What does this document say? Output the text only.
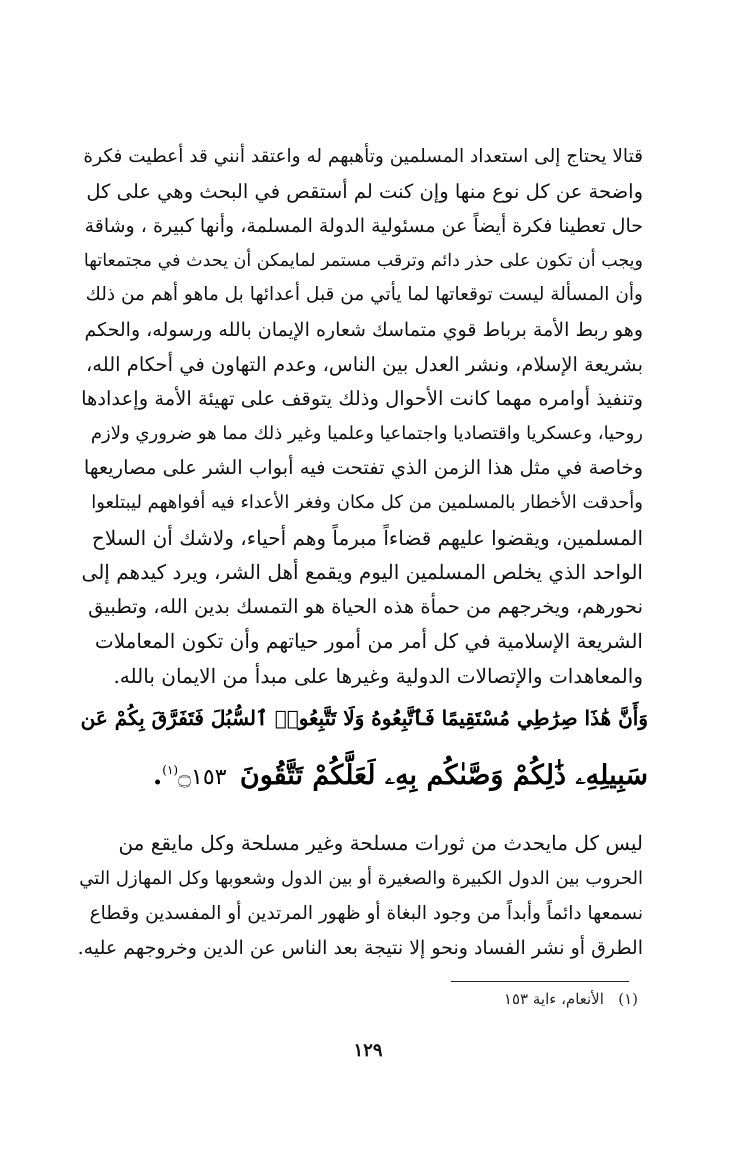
قتالا يحتاج إلى استعداد المسلمين وتأهبهم له واعتقد أنني قد أعطيت فكرة
واضحة عن كل نوع منها وإن كنت لم أستقص في البحث وهي على كل
حال تعطينا فكرة أيضاً عن مسئولية الدولة المسلمة، وأنها كبيرة ، وشاقة
ويجب أن تكون على حذر دائم وترقب مستمر لمايمكن أن يحدث في مجتمعاتها
وأن المسألة ليست توقعاتها لما يأتي من قبل أعدائها بل ماهو أهم من ذلك
وهو ربط الأمة برباط قوي متماسك شعاره الإيمان بالله ورسوله، والحكم
بشريعة الإسلام، ونشر العدل بين الناس، وعدم التهاون في أحكام الله،
وتنفيذ أوامره مهما كانت الأحوال وذلك يتوقف على تهيئة الأمة وإعدادها
روحيا، وعسكريا واقتصاديا واجتماعيا وعلميا وغير ذلك مما هو ضروري ولازم
وخاصة في مثل هذا الزمن الذي تفتحت فيه أبواب الشر على مصاريعها
وأحدقت الأخطار بالمسلمين من كل مكان وفغر الأعداء فيه أفواههم ليبتلعوا
المسلمين، ويقضوا عليهم قضاءاً مبرماً وهم أحياء، ولاشك أن السلاح
الواحد الذي يخلص المسلمين اليوم ويقمع أهل الشر، ويرد كيدهم إلى
نحورهم، ويخرجهم من حمأة هذه الحياة هو التمسك بدين الله، وتطبيق
الشريعة الإسلامية في كل أمر من أمور حياتهم وأن تكون المعاملات
والمعاهدات والإتصالات الدولية وغيرها على مبدأ من الايمان بالله.
وَأَنَّ هَٰذَا صِرَٰطِي مُسْتَقِيمًا فَٱتَّبِعُوهُ وَلَا تَتَّبِعُوا۟ ٱلسُّبُلَ فَتَفَرَّقَ بِكُمْ عَن
سَبِيلِهِۦ ذَٰلِكُمْ وَصَّىٰكُم بِهِۦ لَعَلَّكُمْ تَتَّقُونَ ۝١٥٣$^{(١)}$.
ليس كل مايحدث من ثورات مسلحة وغير مسلحة وكل مايقع من
الحروب بين الدول الكبيرة والصغيرة أو بين الدول وشعوبها وكل المهازل التي
نسمعها دائماً وأبداً من وجود البغاة أو ظهور المرتدين أو المفسدين وقطاع
الطرق أو نشر الفساد ونحو إلا نتيجة بعد الناس عن الدين وخروجهم عليه.
(١)   الأنعام، ءاية ١٥٣
١٢٩
